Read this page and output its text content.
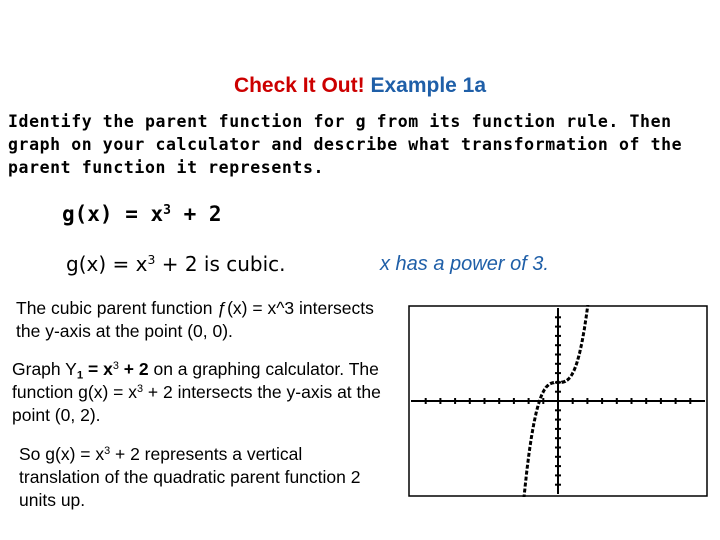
Check It Out! Example 1a
Identify the parent function for g from its function rule. Then graph on your calculator and describe what transformation of the parent function it represents.
$g(x) = x^3 + 2$
$g(x) = x^3 + 2$ is cubic.	x has a power of 3.
The cubic parent function ƒ(x) = x^3 intersects the y-axis at the point (0, 0).
Graph $Y_1 = x^3 + 2$ on a graphing calculator. The function $g(x) = x^3 + 2$ intersects the y-axis at the point (0, 2).
So $g(x) = x^3 + 2$ represents a vertical translation of the quadratic parent function 2 units up.
